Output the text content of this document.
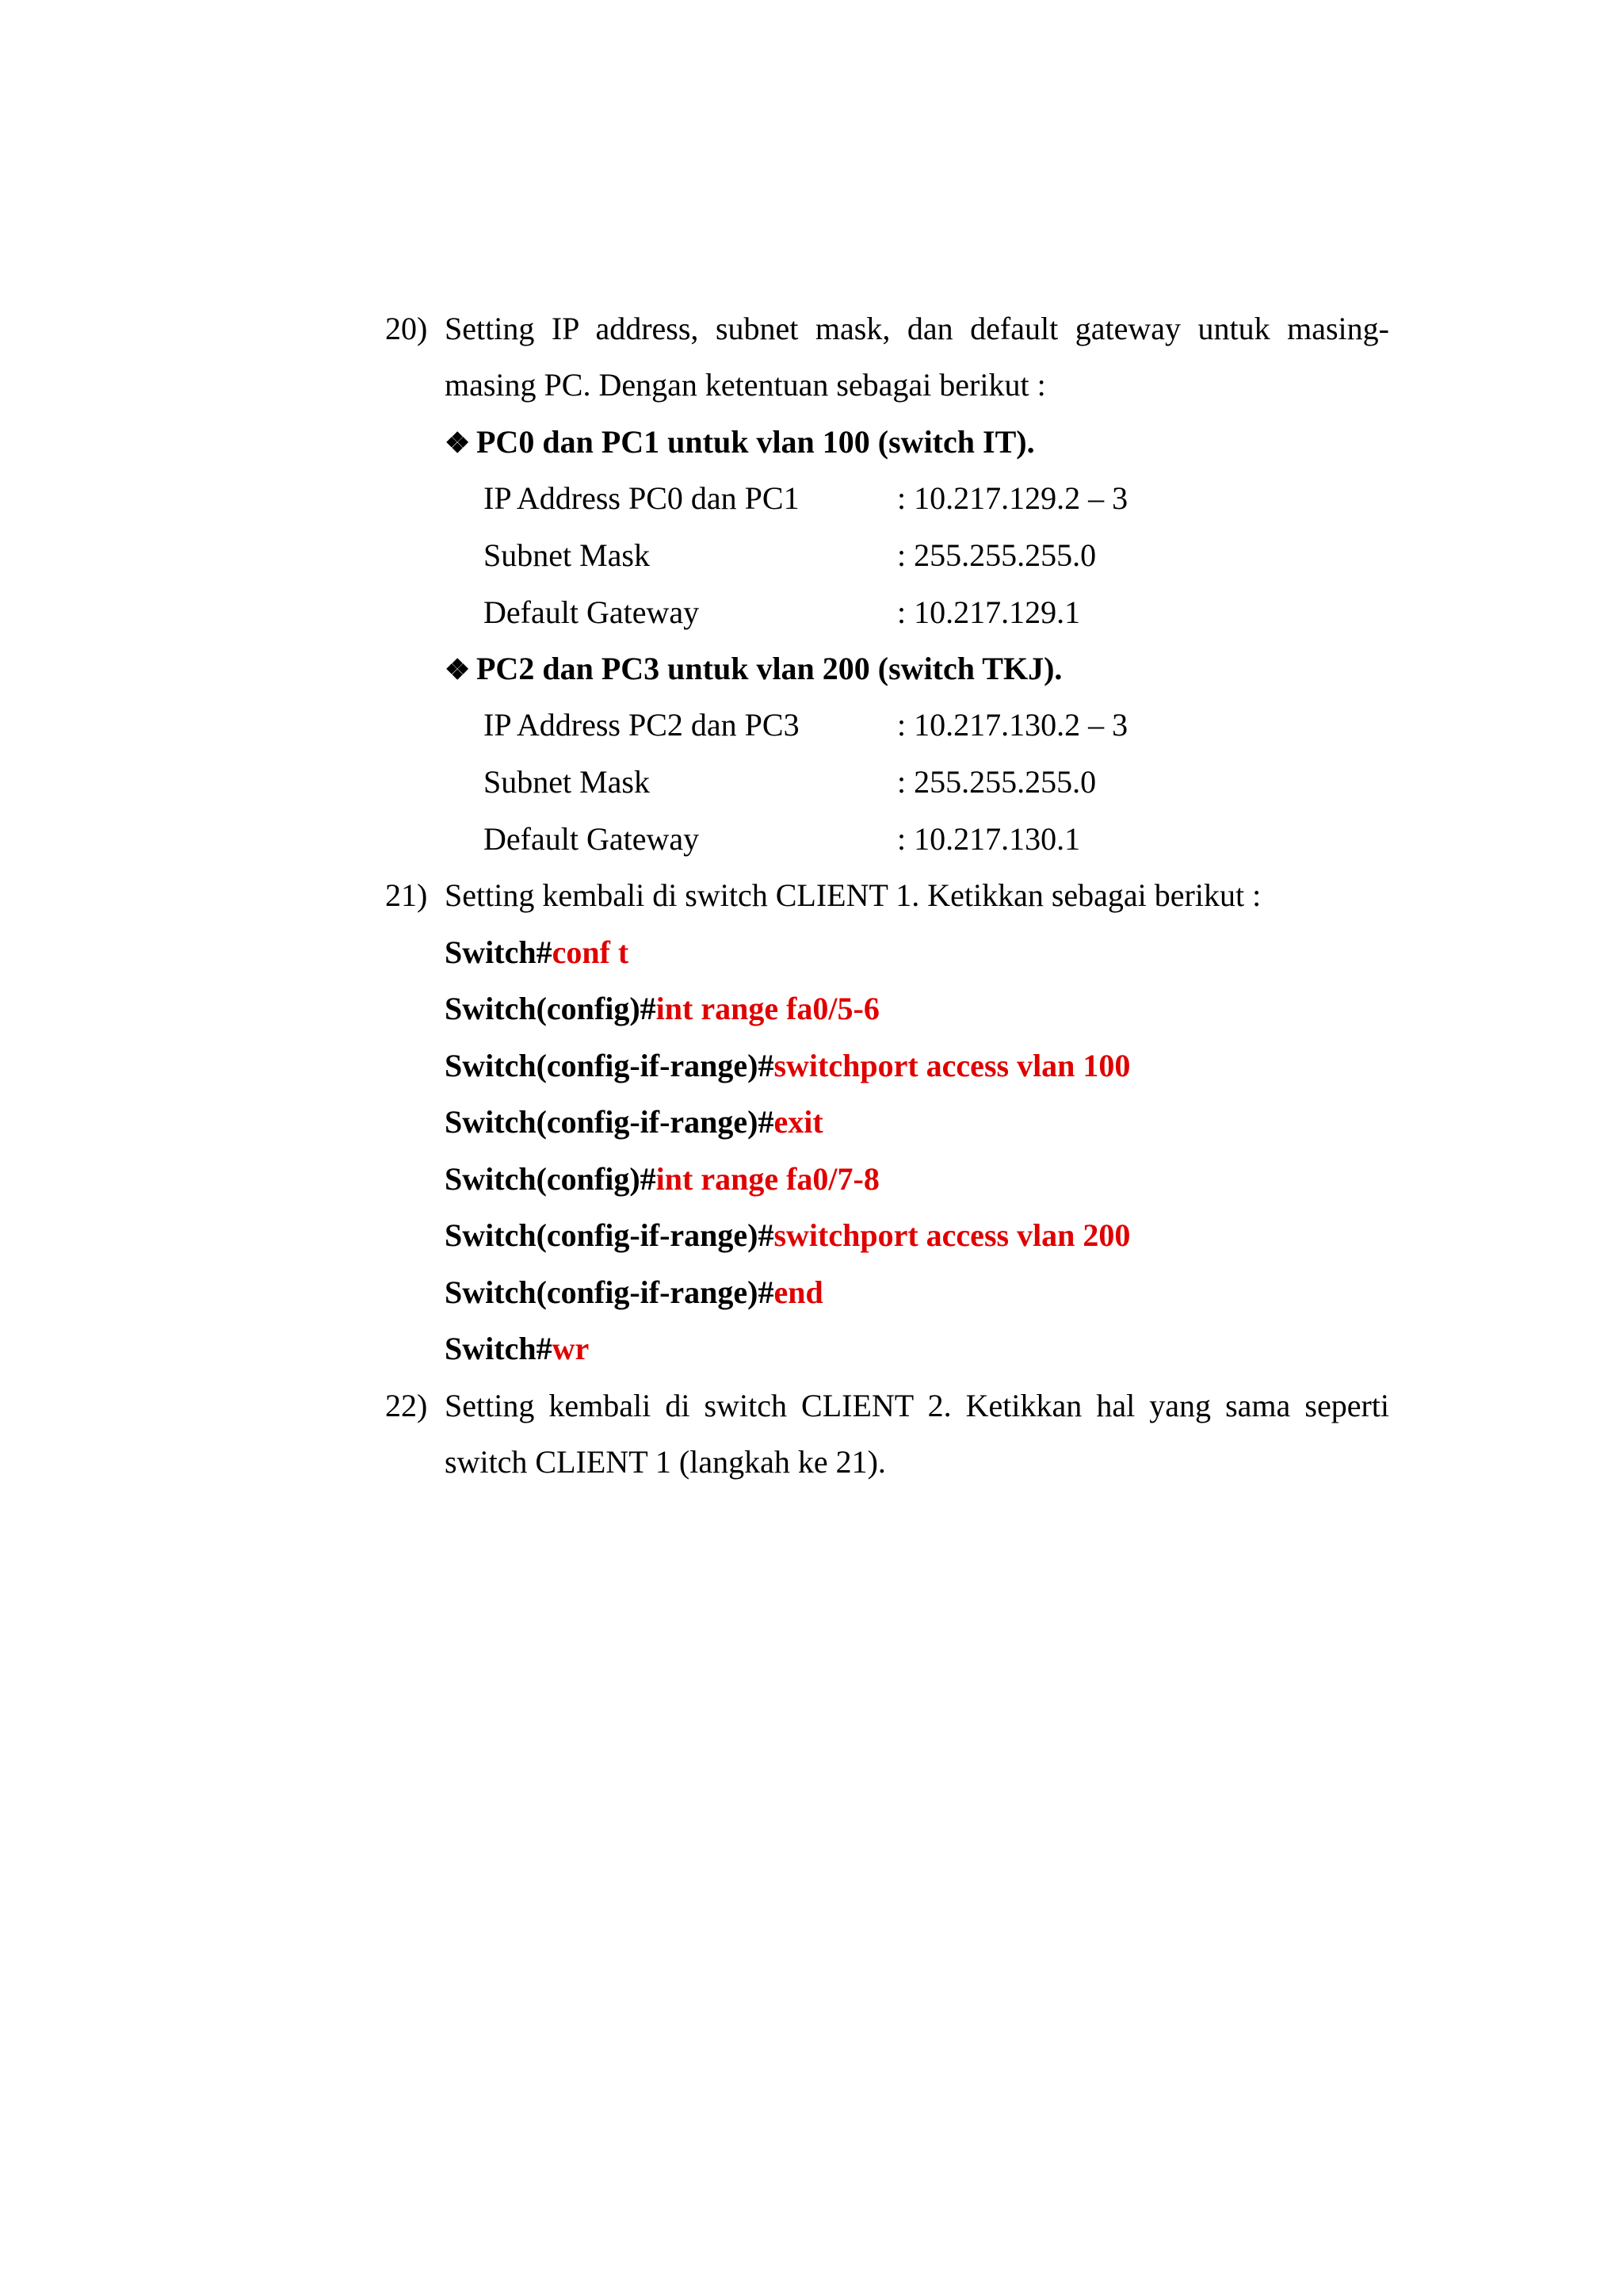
20) Setting IP address, subnet mask, dan default gateway untuk masing-
masing PC. Dengan ketentuan sebagai berikut :
❖ PC0 dan PC1 untuk vlan 100 (switch IT).
IP Address PC0 dan PC1	: 10.217.129.2 – 3
Subnet Mask	: 255.255.255.0
Default Gateway	: 10.217.129.1
❖ PC2 dan PC3 untuk vlan 200 (switch TKJ).
IP Address PC2 dan PC3	: 10.217.130.2 – 3
Subnet Mask	: 255.255.255.0
Default Gateway	: 10.217.130.1
21) Setting kembali di switch CLIENT 1. Ketikkan sebagai berikut :
Switch#conf t
Switch(config)#int range fa0/5-6
Switch(config-if-range)#switchport access vlan 100
Switch(config-if-range)#exit
Switch(config)#int range fa0/7-8
Switch(config-if-range)#switchport access vlan 200
Switch(config-if-range)#end
Switch#wr
22) Setting kembali di switch CLIENT 2. Ketikkan hal yang sama seperti
switch CLIENT 1 (langkah ke 21).
